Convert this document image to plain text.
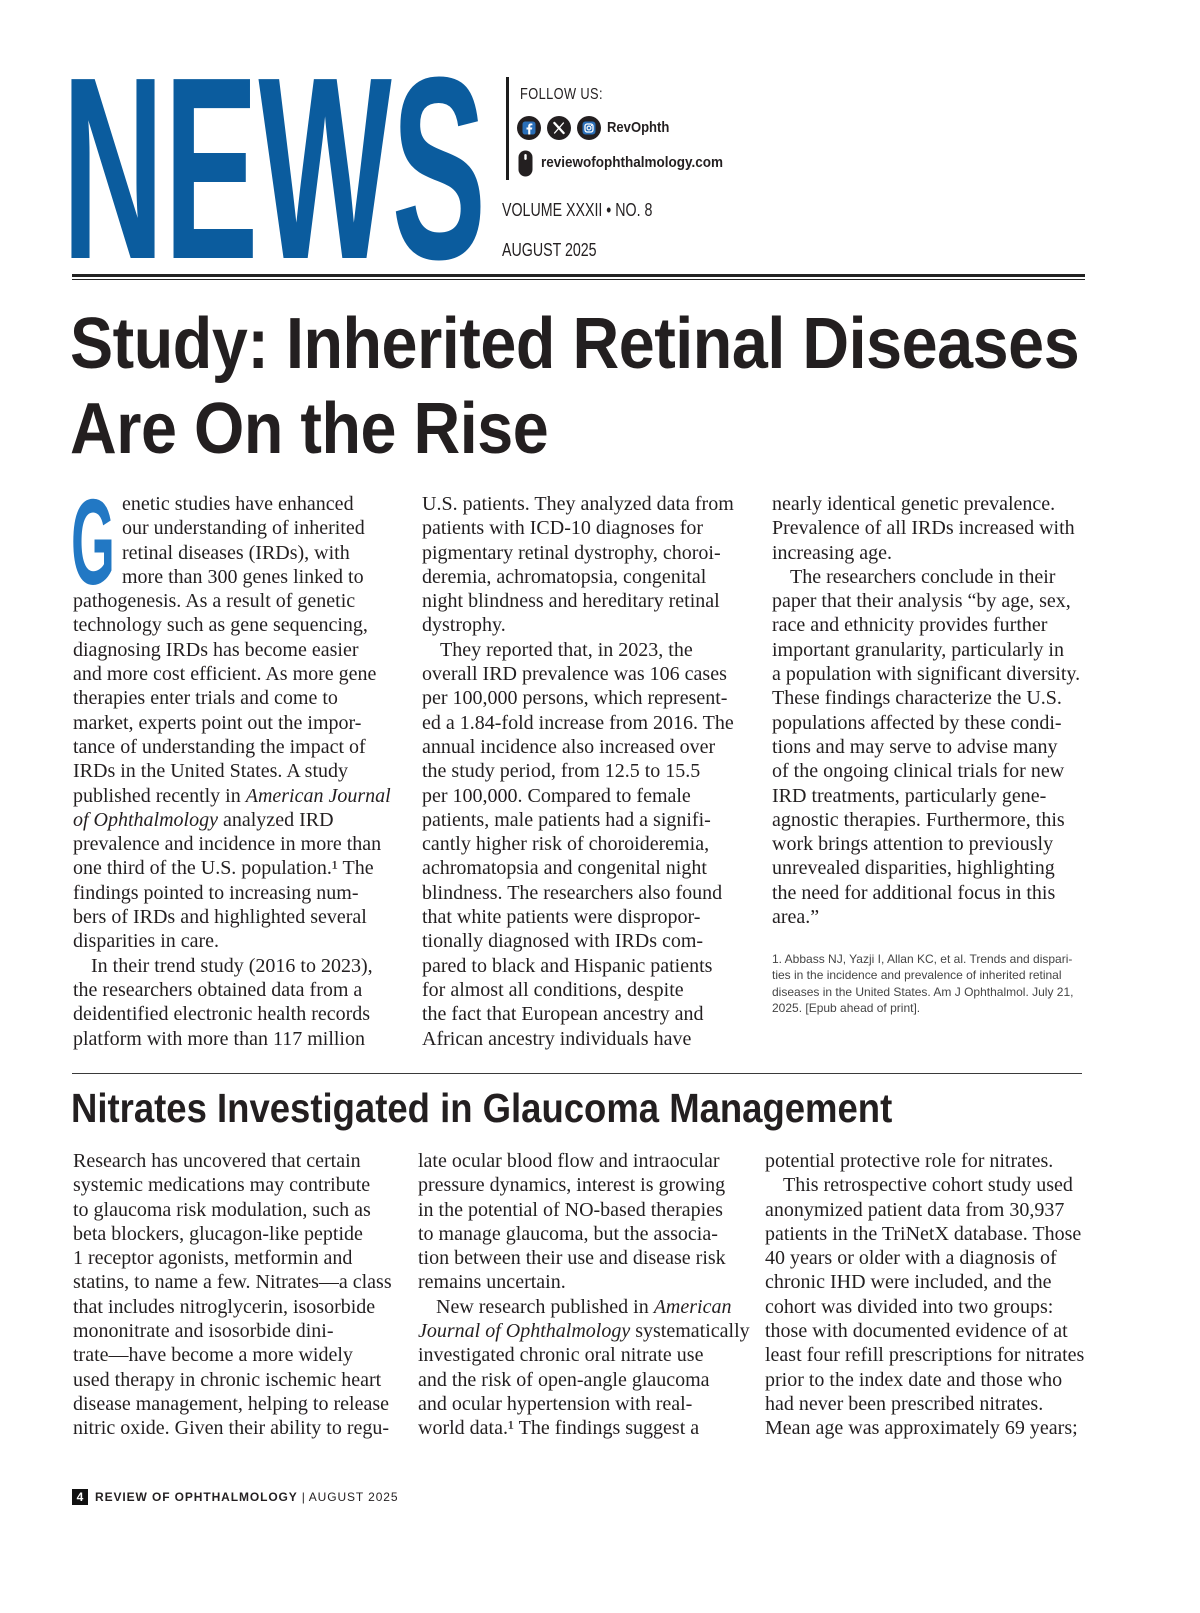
NEWS FOLLOW US:
RevOphth
reviewofophthalmology.com
VOLUME XXXII • NO. 8
AUGUST 2025
Study: Inherited Retinal Diseases
Are On the Rise
G enetic studies have enhanced
our understanding of inherited
retinal diseases (IRDs), with
more than 300 genes linked to
pathogenesis. As a result of genetic
technology such as gene sequencing,
diagnosing IRDs has become easier
and more cost efficient. As more gene
therapies enter trials and come to
market, experts point out the impor-
tance of understanding the impact of
IRDs in the United States. A study
published recently in American Journal
of Ophthalmology analyzed IRD
prevalence and incidence in more than
one third of the U.S. population.¹ The
findings pointed to increasing num-
bers of IRDs and highlighted several
disparities in care.
In their trend study (2016 to 2023),
the researchers obtained data from a
deidentified electronic health records
platform with more than 117 million
U.S. patients. They analyzed data from
patients with ICD-10 diagnoses for
pigmentary retinal dystrophy, choroi-
deremia, achromatopsia, congenital
night blindness and hereditary retinal
dystrophy.
They reported that, in 2023, the
overall IRD prevalence was 106 cases
per 100,000 persons, which represent-
ed a 1.84-fold increase from 2016. The
annual incidence also increased over
the study period, from 12.5 to 15.5
per 100,000. Compared to female
patients, male patients had a signifi-
cantly higher risk of choroideremia,
achromatopsia and congenital night
blindness. The researchers also found
that white patients were dispropor-
tionally diagnosed with IRDs com-
pared to black and Hispanic patients
for almost all conditions, despite
the fact that European ancestry and
African ancestry individuals have
nearly identical genetic prevalence.
Prevalence of all IRDs increased with
increasing age.
The researchers conclude in their
paper that their analysis “by age, sex,
race and ethnicity provides further
important granularity, particularly in
a population with significant diversity.
These findings characterize the U.S.
populations affected by these condi-
tions and may serve to advise many
of the ongoing clinical trials for new
IRD treatments, particularly gene-
agnostic therapies. Furthermore, this
work brings attention to previously
unrevealed disparities, highlighting
the need for additional focus in this
area.”
1. Abbass NJ, Yazji I, Allan KC, et al. Trends and dispari-
ties in the incidence and prevalence of inherited retinal
diseases in the United States. Am J Ophthalmol. July 21,
2025. [Epub ahead of print].
Nitrates Investigated in Glaucoma Management
Research has uncovered that certain
systemic medications may contribute
to glaucoma risk modulation, such as
beta blockers, glucagon-like peptide
1 receptor agonists, metformin and
statins, to name a few. Nitrates—a class
that includes nitroglycerin, isosorbide
mononitrate and isosorbide dini-
trate—have become a more widely
used therapy in chronic ischemic heart
disease management, helping to release
nitric oxide. Given their ability to regu-
late ocular blood flow and intraocular
pressure dynamics, interest is growing
in the potential of NO-based therapies
to manage glaucoma, but the associa-
tion between their use and disease risk
remains uncertain.
New research published in American
Journal of Ophthalmology systematically
investigated chronic oral nitrate use
and the risk of open-angle glaucoma
and ocular hypertension with real-
world data.¹ The findings suggest a
potential protective role for nitrates.
This retrospective cohort study used
anonymized patient data from 30,937
patients in the TriNetX database. Those
40 years or older with a diagnosis of
chronic IHD were included, and the
cohort was divided into two groups:
those with documented evidence of at
least four refill prescriptions for nitrates
prior to the index date and those who
had never been prescribed nitrates.
Mean age was approximately 69 years;
4 REVIEW OF OPHTHALMOLOGY | AUGUST 2025
